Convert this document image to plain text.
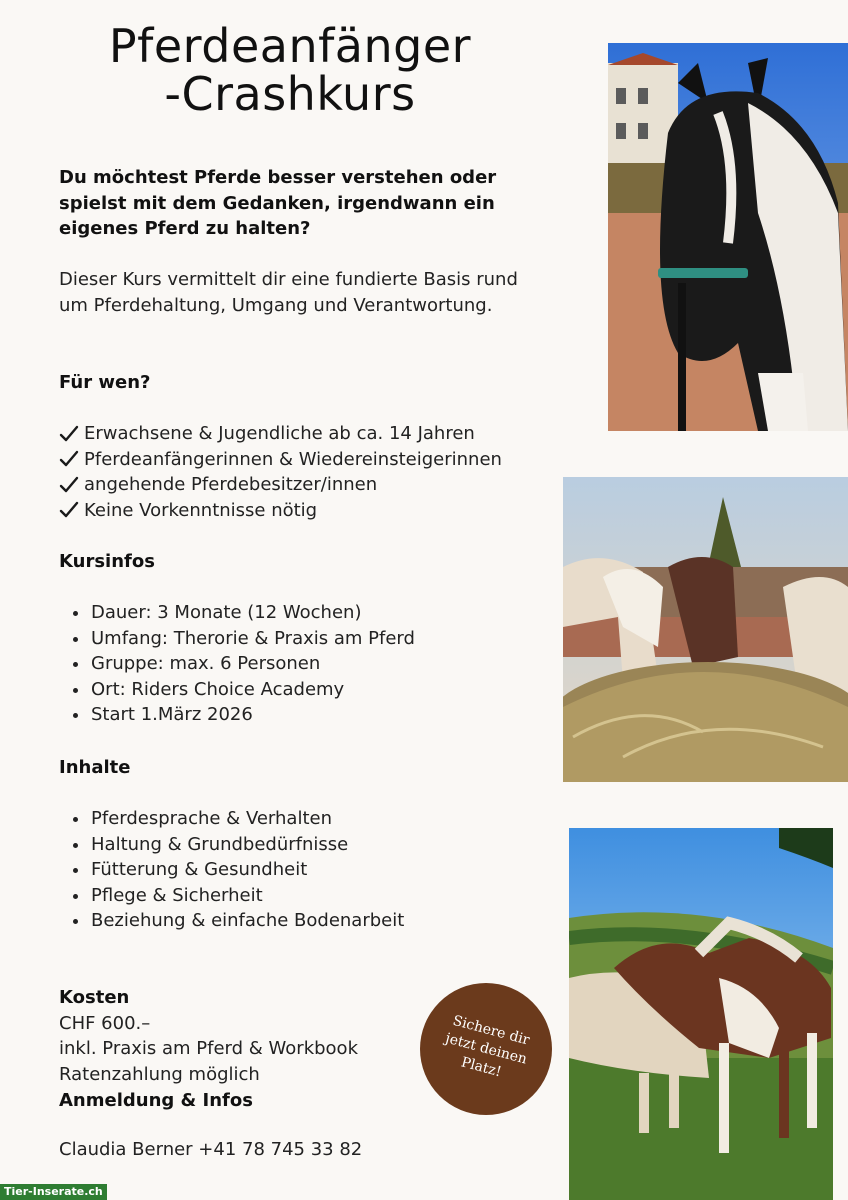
Pferdeanfänger
-Crashkurs
Du möchtest Pferde besser verstehen oder spielst mit dem Gedanken, irgendwann ein eigenes Pferd zu halten?
Dieser Kurs vermittelt dir eine fundierte Basis rund um Pferdehaltung, Umgang und Verantwortung.
Für wen?
Erwachsene & Jugendliche ab ca. 14 Jahren
Pferdeanfängerinnen & Wiedereinsteigerinnen
angehende Pferdebesitzer/innen
Keine Vorkenntnisse nötig
Kursinfos
Dauer: 3 Monate (12 Wochen)
Umfang: Therorie & Praxis am Pferd
Gruppe: max. 6 Personen
Ort: Riders Choice Academy
Start 1.März 2026
Inhalte
Pferdesprache & Verhalten
Haltung & Grundbedürfnisse
Fütterung & Gesundheit
Pflege & Sicherheit
Beziehung & einfache Bodenarbeit
Kosten
CHF 600.–
inkl. Praxis am Pferd & Workbook
Ratenzahlung möglich
Anmeldung & Infos
Claudia Berner +41 78 745 33 82
Sichere dir
jetzt deinen
Platz!
Tier-Inserate.ch
